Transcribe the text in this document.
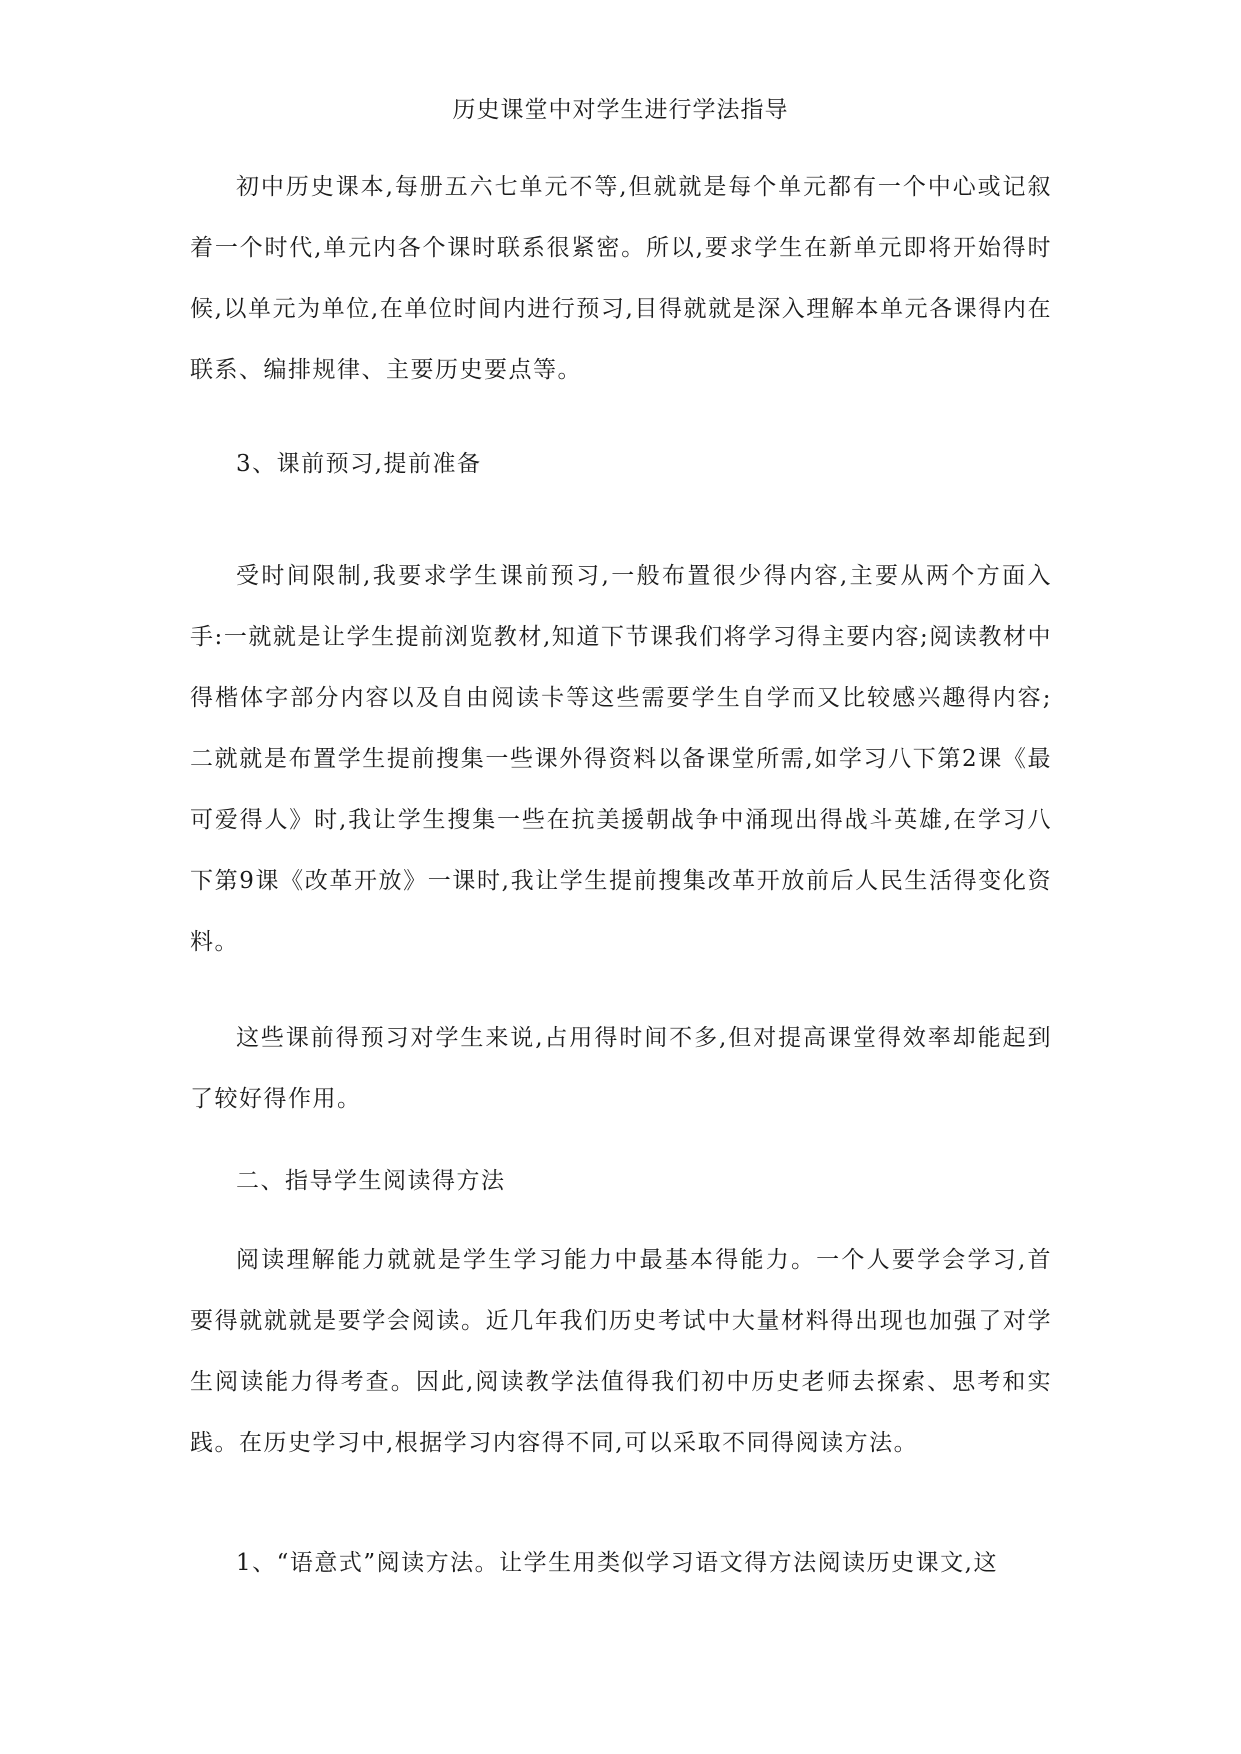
历史课堂中对学生进行学法指导

初中历史课本,每册五六七单元不等,但就就是每个单元都有一个中心或记叙着一个时代,单元内各个课时联系很紧密。所以,要求学生在新单元即将开始得时候,以单元为单位,在单位时间内进行预习,目得就就是深入理解本单元各课得内在联系、编排规律、主要历史要点等。

3、课前预习,提前准备

受时间限制,我要求学生课前预习,一般布置很少得内容,主要从两个方面入手:一就就是让学生提前浏览教材,知道下节课我们将学习得主要内容;阅读教材中得楷体字部分内容以及自由阅读卡等这些需要学生自学而又比较感兴趣得内容;二就就是布置学生提前搜集一些课外得资料以备课堂所需,如学习八下第2课《最可爱得人》时,我让学生搜集一些在抗美援朝战争中涌现出得战斗英雄,在学习八下第9课《改革开放》一课时,我让学生提前搜集改革开放前后人民生活得变化资料。

这些课前得预习对学生来说,占用得时间不多,但对提高课堂得效率却能起到了较好得作用。

二、指导学生阅读得方法

阅读理解能力就就是学生学习能力中最基本得能力。一个人要学会学习,首要得就就就是要学会阅读。近几年我们历史考试中大量材料得出现也加强了对学生阅读能力得考查。因此,阅读教学法值得我们初中历史老师去探索、思考和实践。在历史学习中,根据学习内容得不同,可以采取不同得阅读方法。

1、“语意式”阅读方法。让学生用类似学习语文得方法阅读历史课文,这
